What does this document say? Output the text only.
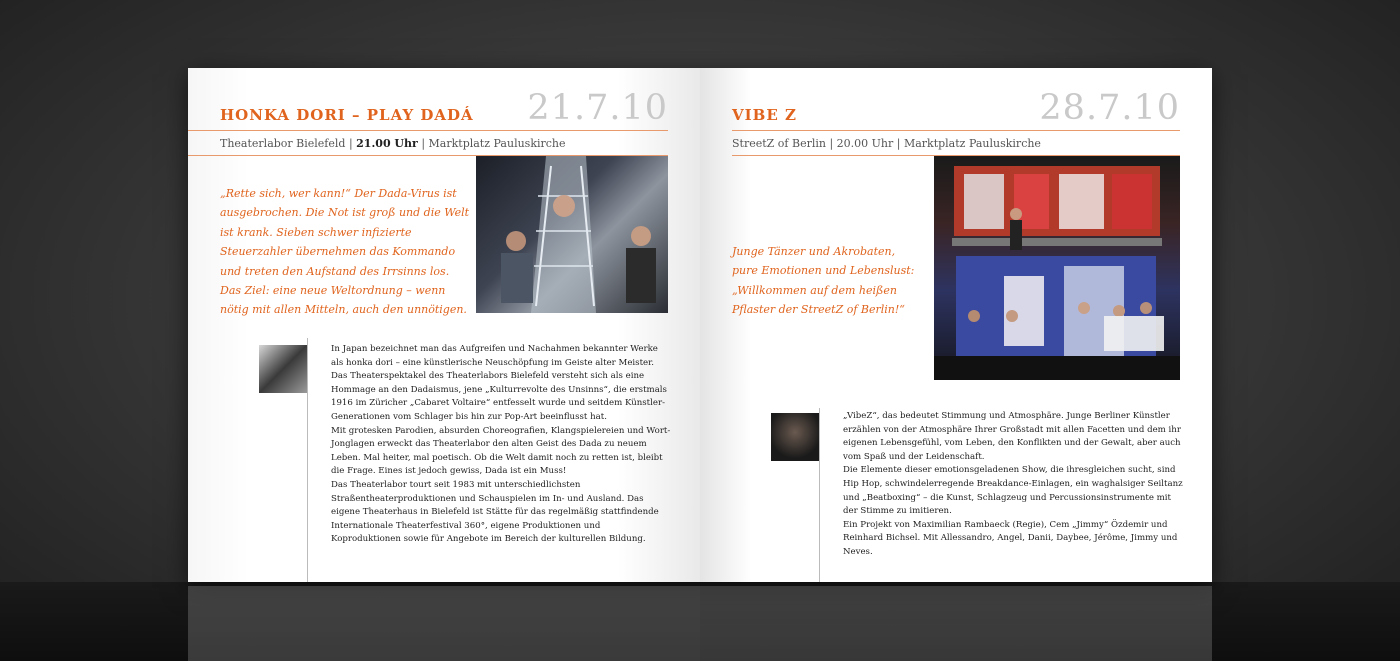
HONKA DORI – PLAY DADÁ 21.7.10
Theaterlabor Bielefeld | 21.00 Uhr | Marktplatz Pauluskirche
„Rette sich, wer kann!“ Der Dada-Virus ist ausgebrochen. Die Not ist groß und die Welt ist krank. Sieben schwer infizierte Steuerzahler übernehmen das Kommando und treten den Aufstand des Irrsinns los. Das Ziel: eine neue Weltordnung – wenn nötig mit allen Mitteln, auch den unnötigen.

In Japan bezeichnet man das Aufgreifen und Nachahmen bekannter Werke als honka dori – eine künstlerische Neuschöpfung im Geiste alter Meister.

Das Theaterspektakel des Theaterlabors Bielefeld versteht sich als eine Hommage an den Dadaismus, jene „Kulturrevolte des Unsinns“, die erstmals 1916 im Züricher „Cabaret Voltaire“ entfesselt wurde und seitdem Künstler-Generationen vom Schlager bis hin zur Pop-Art beeinflusst hat.

Mit grotesken Parodien, absurden Choreografien, Klangspielereien und Wort-Jonglagen erweckt das Theaterlabor den alten Geist des Dada zu neuem Leben. Mal heiter, mal poetisch. Ob die Welt damit noch zu retten ist, bleibt die Frage. Eines ist jedoch gewiss, Dada ist ein Muss!

Das Theaterlabor tourt seit 1983 mit unterschiedlichsten Straßentheaterproduktionen und Schauspielen im In- und Ausland. Das eigene Theaterhaus in Bielefeld ist Stätte für das regelmäßig stattfindende Internationale Theaterfestival 360°, eigene Produktionen und Koproduktionen sowie für Angebote im Bereich der kulturellen Bildung.

VIBE Z	28.7.10
StreetZ of Berlin | 20.00 Uhr | Marktplatz Pauluskirche
Junge Tänzer und Akrobaten, pure Emotionen und Lebenslust: „Willkommen auf dem heißen Pflaster der StreetZ of Berlin!“

„VibeZ“, das bedeutet Stimmung und Atmosphäre. Junge Berliner Künstler erzählen von der Atmosphäre Ihrer Großstadt mit allen Facetten und dem ihr eigenen Lebensgefühl, vom Leben, den Konflikten und der Gewalt, aber auch vom Spaß und der Leidenschaft.

Die Elemente dieser emotionsgeladenen Show, die ihresgleichen sucht, sind Hip Hop, schwindelerregende Breakdance-Einlagen, ein waghalsiger Seiltanz und „Beatboxing“ – die Kunst, Schlagzeug und Percussionsinstrumente mit der Stimme zu imitieren.

Ein Projekt von Maximilian Rambaeck (Regie), Cem „Jimmy“ Özdemir und Reinhard Bichsel. Mit Allessandro, Angel, Danii, Daybee, Jérôme, Jimmy und Neves.
